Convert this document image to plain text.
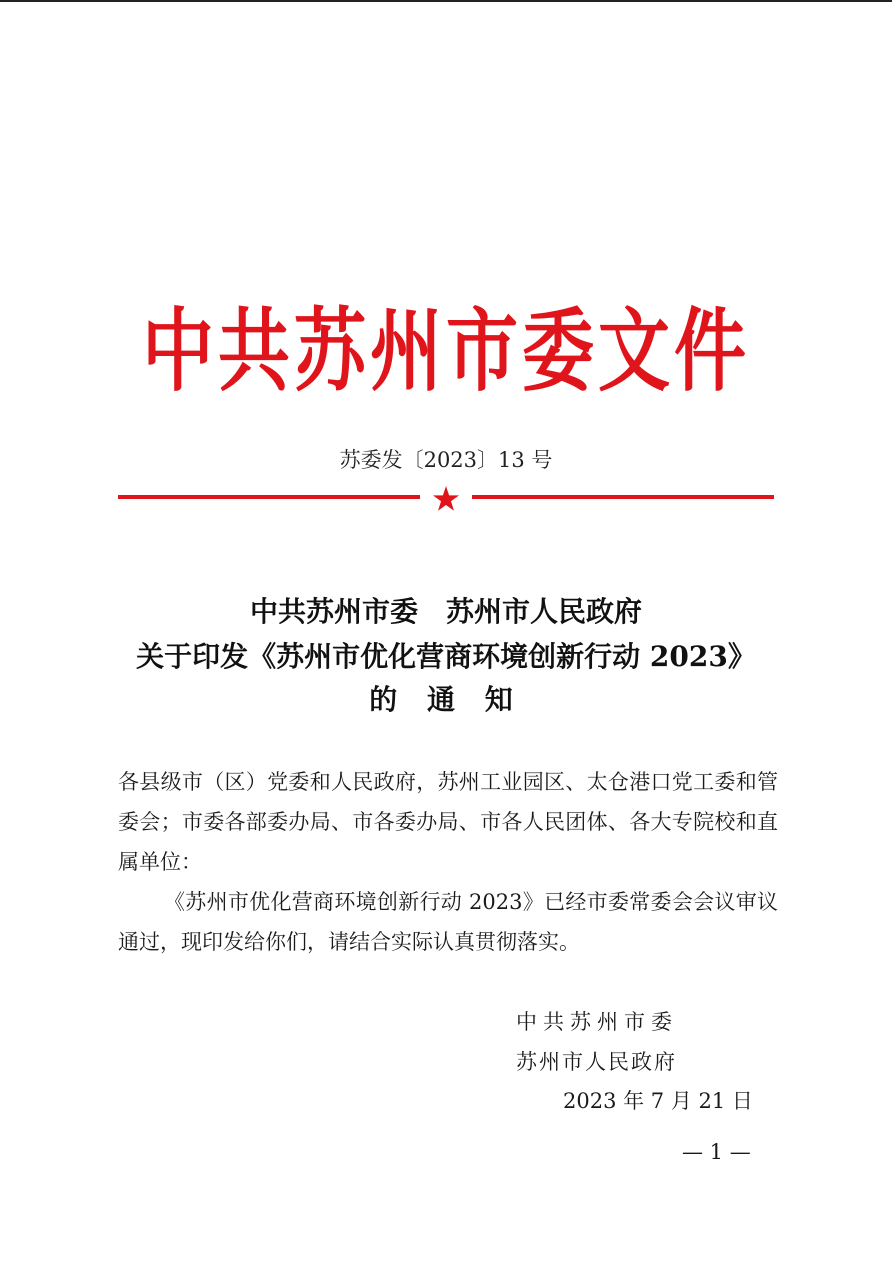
中共苏州市委文件
苏委发〔2023〕13 号
中共苏州市委　苏州市人民政府
关于印发《苏州市优化营商环境创新行动 2023》
的 通 知
各县级市（区）党委和人民政府，苏州工业园区、太仓港口党工委和管委会；市委各部委办局、市各委办局、市各人民团体、各大专院校和直属单位：
《苏州市优化营商环境创新行动 2023》已经市委常委会会议审议通过，现印发给你们，请结合实际认真贯彻落实。
中共苏州市委
苏州市人民政府
2023 年 7 月 21 日
— 1 —
